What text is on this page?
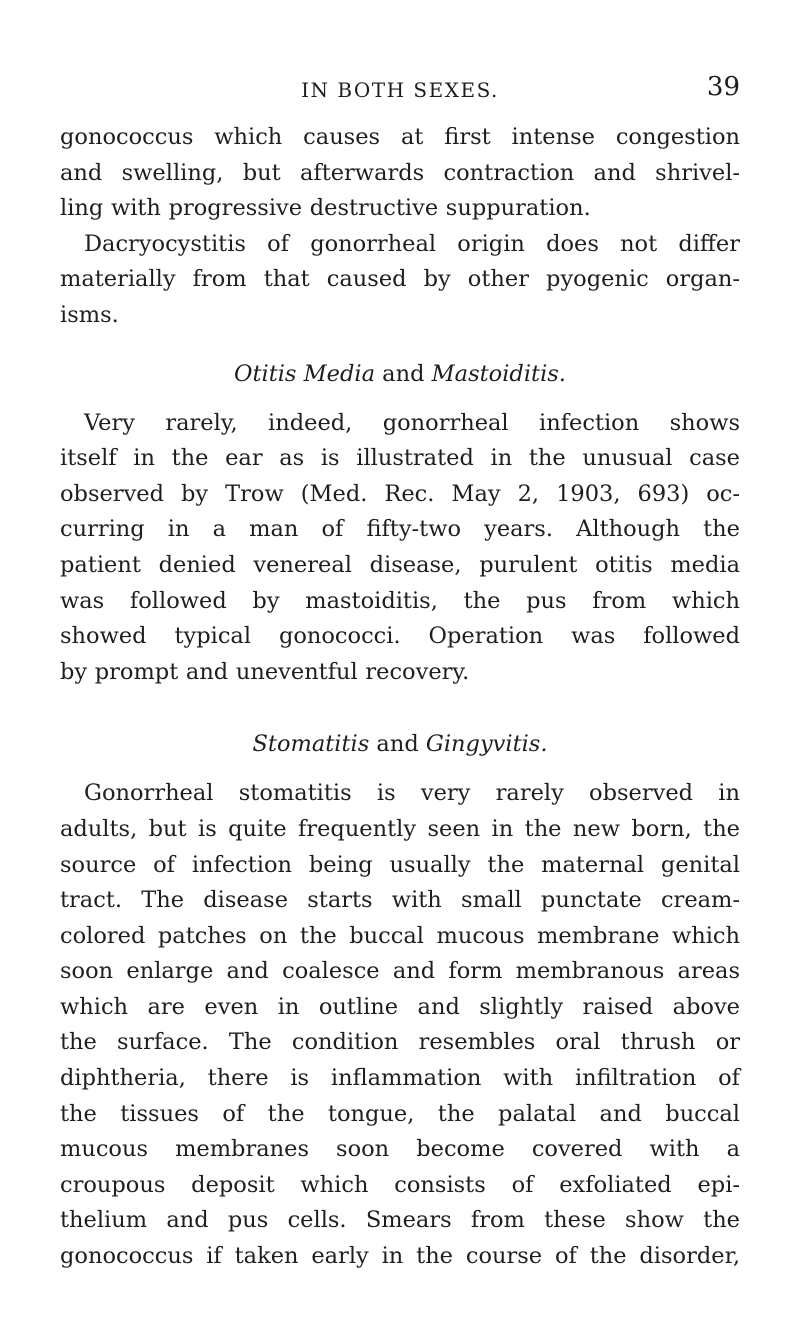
IN BOTH SEXES.	39
gonococcus which causes at first intense congestion
and swelling, but afterwards contraction and shrivel-
ling with progressive destructive suppuration.
Dacryocystitis of gonorrheal origin does not differ
materially from that caused by other pyogenic organ-
isms.
Otitis Media and Mastoiditis.
Very rarely, indeed, gonorrheal infection shows
itself in the ear as is illustrated in the unusual case
observed by Trow (Med. Rec. May 2, 1903, 693) oc-
curring in a man of fifty-two years. Although the
patient denied venereal disease, purulent otitis media
was followed by mastoiditis, the pus from which
showed typical gonococci. Operation was followed
by prompt and uneventful recovery.
Stomatitis and Gingyvitis.
Gonorrheal stomatitis is very rarely observed in
adults, but is quite frequently seen in the new born, the
source of infection being usually the maternal genital
tract. The disease starts with small punctate cream-
colored patches on the buccal mucous membrane which
soon enlarge and coalesce and form membranous areas
which are even in outline and slightly raised above
the surface. The condition resembles oral thrush or
diphtheria, there is inflammation with infiltration of
the tissues of the tongue, the palatal and buccal
mucous membranes soon become covered with a
croupous deposit which consists of exfoliated epi-
thelium and pus cells. Smears from these show the
gonococcus if taken early in the course of the disorder,
